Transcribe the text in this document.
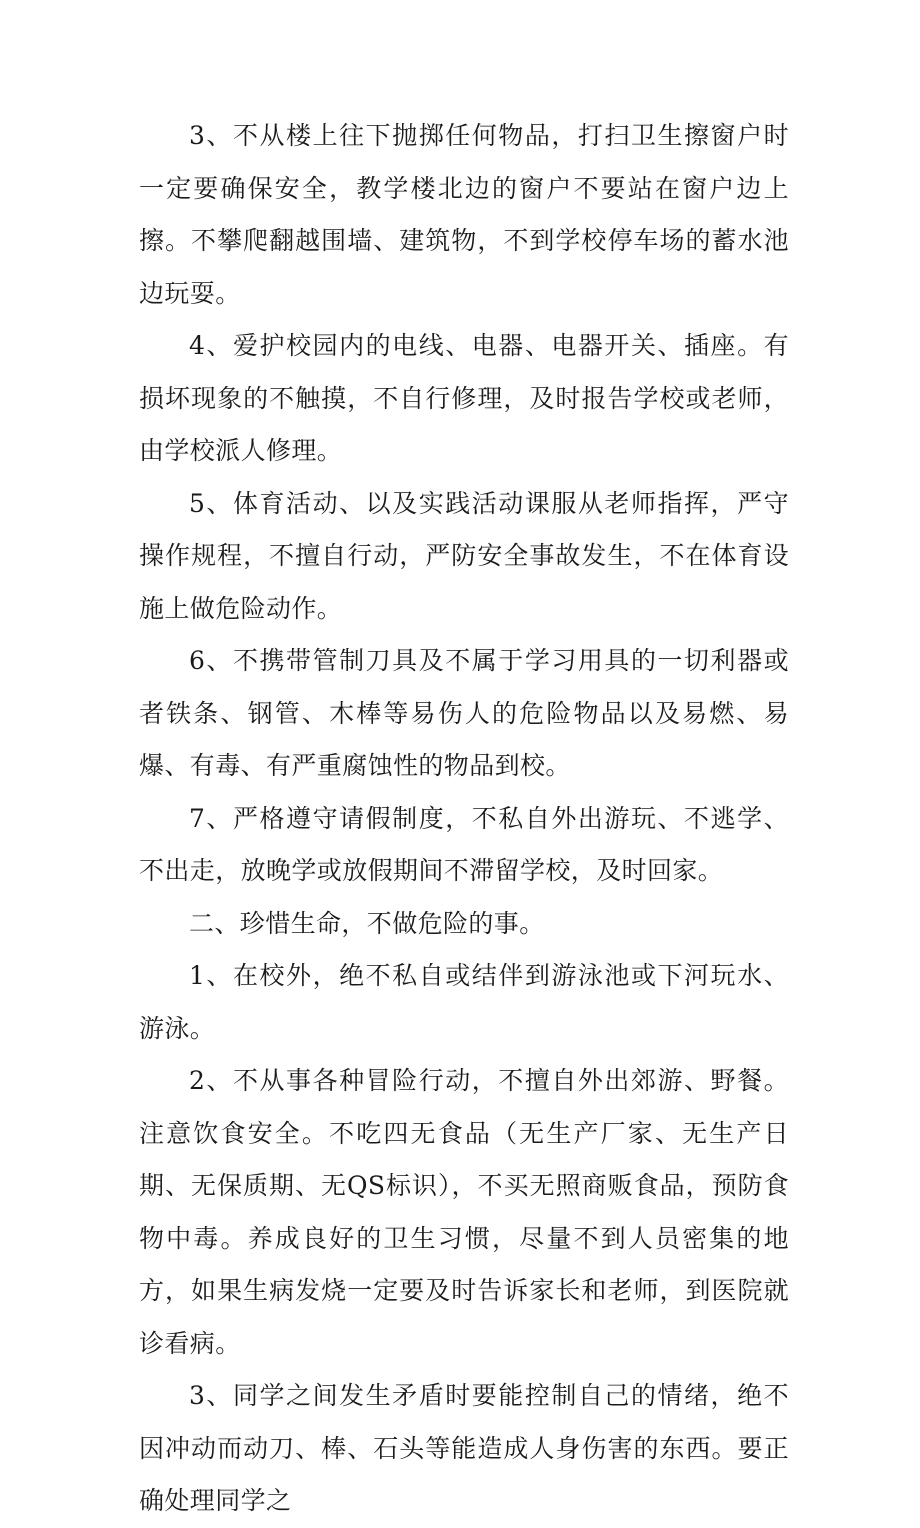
3、不从楼上往下抛掷任何物品，打扫卫生擦窗户时一定要确保安全，教学楼北边的窗户不要站在窗户边上擦。不攀爬翻越围墙、建筑物，不到学校停车场的蓄水池边玩耍。

4、爱护校园内的电线、电器、电器开关、插座。有损坏现象的不触摸，不自行修理，及时报告学校或老师，由学校派人修理。

5、体育活动、以及实践活动课服从老师指挥，严守操作规程，不擅自行动，严防安全事故发生，不在体育设施上做危险动作。

6、不携带管制刀具及不属于学习用具的一切利器或者铁条、钢管、木棒等易伤人的危险物品以及易燃、易爆、有毒、有严重腐蚀性的物品到校。

7、严格遵守请假制度，不私自外出游玩、不逃学、不出走，放晚学或放假期间不滞留学校，及时回家。

二、珍惜生命，不做危险的事。

1、在校外，绝不私自或结伴到游泳池或下河玩水、游泳。

2、不从事各种冒险行动，不擅自外出郊游、野餐。注意饮食安全。不吃四无食品（无生产厂家、无生产日期、无保质期、无QS标识），不买无照商贩食品，预防食物中毒。养成良好的卫生习惯，尽量不到人员密集的地方，如果生病发烧一定要及时告诉家长和老师，到医院就诊看病。

3、同学之间发生矛盾时要能控制自己的情绪，绝不因冲动而动刀、棒、石头等能造成人身伤害的东西。要正确处理同学之
